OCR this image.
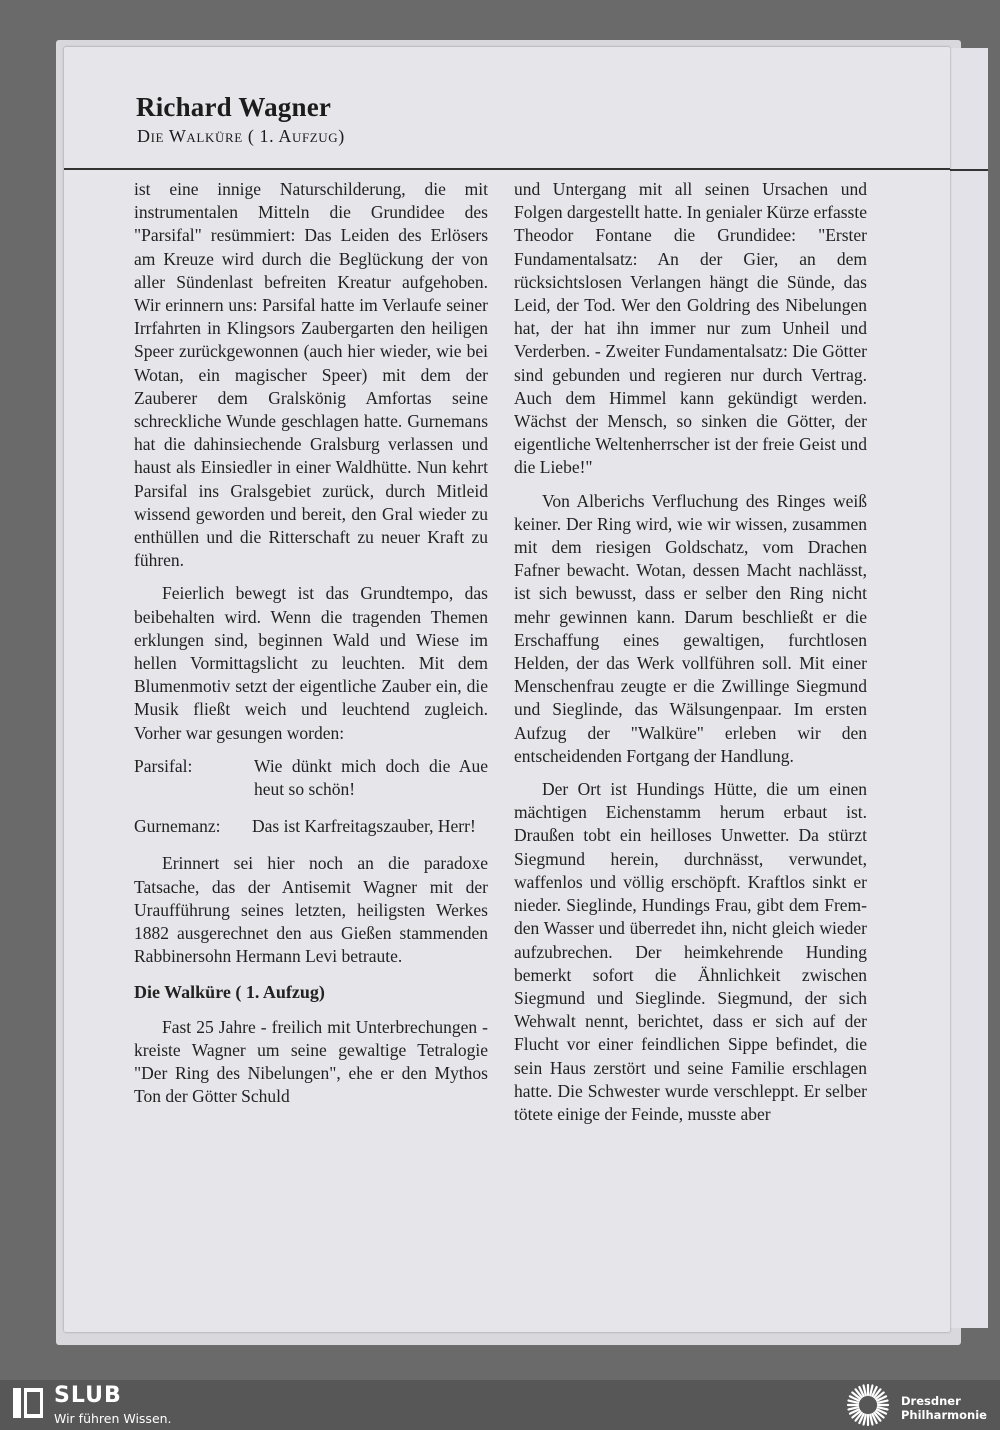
Richard Wagner
Die Walküre ( 1. Aufzug)

ist eine innige Naturschilderung, die mit instrumentalen Mitteln die Grundidee des "Parsifal" resümmiert: Das Leiden des Erlösers am Kreuze wird durch die Beglückung der von aller Sündenlast befreiten Kreatur aufgehoben. Wir erinnern uns: Parsifal hatte im Verlaufe seiner Irrfahrten in Klingsors Zaubergarten den heiligen Speer zurückgewonnen (auch hier wieder, wie bei Wotan, ein magischer Speer) mit dem der Zauberer dem Gralskönig Amfortas seine schreckliche Wunde geschlagen hatte. Gurnemans hat die dahinsiechende Gralsburg verlassen und haust als Einsiedler in einer Waldhütte. Nun kehrt Parsifal ins Gralsgebiet zurück, durch Mitleid wissend geworden und bereit, den Gral wieder zu enthüllen und die Ritterschaft zu neuer Kraft zu führen.

Feierlich bewegt ist das Grundtempo, das beibehalten wird. Wenn die tragenden Themen erklungen sind, beginnen Wald und Wiese im hellen Vormittagslicht zu leuchten. Mit dem Blumenmotiv setzt der eigentliche Zauber ein, die Musik fließt weich und leuchtend zugleich. Vorher war gesungen worden:

Parsifal:	Wie dünkt mich doch die Aue heut so schön!
Gurnemanz:	Das ist Karfreitagszauber, Herr!

Erinnert sei hier noch an die paradoxe Tatsache, das der Antisemit Wagner mit der Uraufführung seines letzten, heiligsten Werkes 1882 ausgerechnet den aus Gießen stammenden Rabbinersohn Hermann Levi betraute.

Die Walküre ( 1. Aufzug)

Fast 25 Jahre - freilich mit Unterbrechungen - kreiste Wagner um seine gewaltige Tetralogie "Der Ring des Nibelungen", ehe er den Mythos Ton der Götter Schuld

und Untergang mit all seinen Ursachen und Folgen dargestellt hatte. In genialer Kürze erfasste Theodor Fontane die Grundidee: "Erster Fundamentalsatz: An der Gier, an dem rücksichtslosen Verlangen hängt die Sünde, das Leid, der Tod. Wer den Goldring des Nibelungen hat, der hat ihn immer nur zum Unheil und Verderben. - Zweiter Fundamentalsatz: Die Götter sind gebunden und regieren nur durch Vertrag. Auch dem Himmel kann gekündigt werden. Wächst der Mensch, so sinken die Götter, der eigentliche Weltenherrscher ist der freie Geist und die Liebe!"

Von Alberichs Verfluchung des Ringes weiß keiner. Der Ring wird, wie wir wissen, zusammen mit dem riesigen Goldschatz, vom Drachen Fafner bewacht. Wotan, dessen Macht nachlässt, ist sich bewusst, dass er selber den Ring nicht mehr gewinnen kann. Darum beschließt er die Erschaffung eines gewaltigen, furchtlosen Helden, der das Werk vollführen soll. Mit einer Menschenfrau zeugte er die Zwillinge Siegmund und Sieglinde, das Wälsungenpaar. Im ersten Aufzug der "Walküre" erleben wir den entscheidenden Fortgang der Handlung.

Der Ort ist Hundings Hütte, die um einen mächtigen Eichenstamm herum erbaut ist. Draußen tobt ein heilloses Unwetter. Da stürzt Siegmund herein, durchnässt, verwundet, waffenlos und völlig erschöpft. Kraftlos sinkt er nieder. Sieglinde, Hundings Frau, gibt dem Fremden Wasser und überredet ihn, nicht gleich wieder aufzubrechen. Der heimkehrende Hunding bemerkt sofort die Ähnlichkeit zwischen Siegmund und Sieglinde. Siegmund, der sich Wehwalt nennt, berichtet, dass er sich auf der Flucht vor einer feindlichen Sippe befindet, die sein Haus zerstört und seine Familie erschlagen hatte. Die Schwester wurde verschleppt. Er selber tötete einige der Feinde, musste aber

SLUB
Wir führen Wissen.
Dresdner
Philharmonie
